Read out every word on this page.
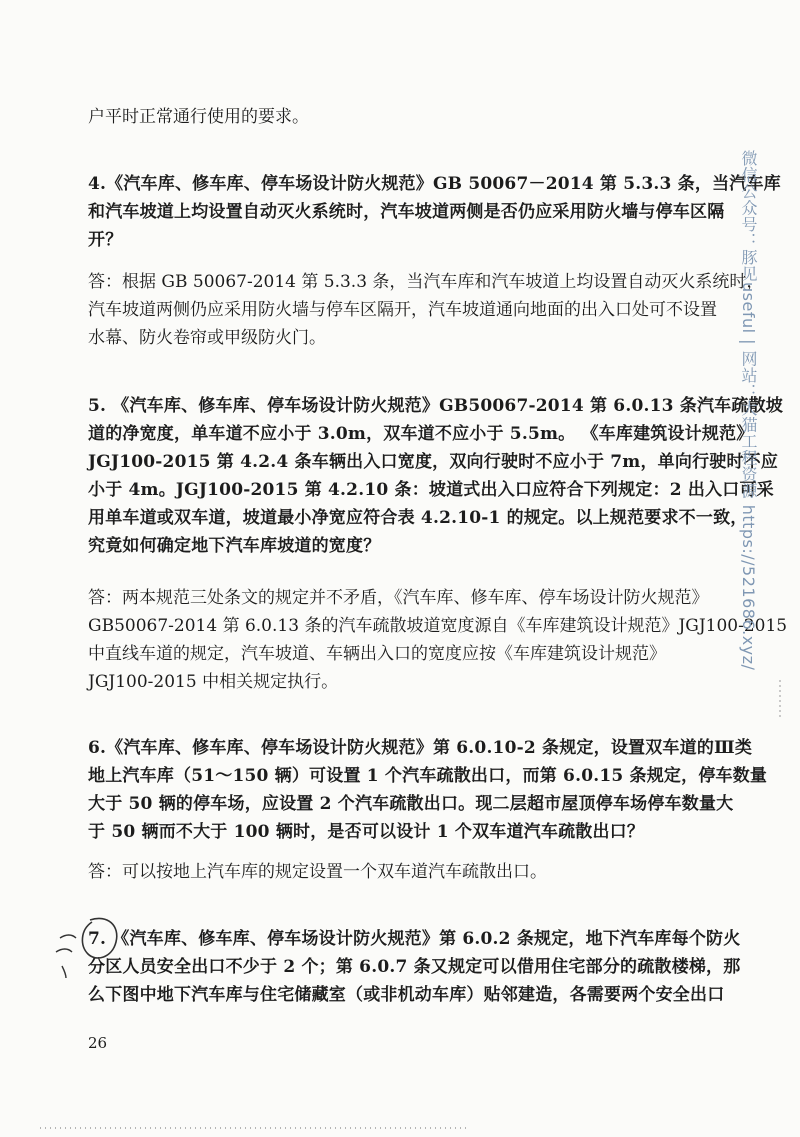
户平时正常通行使用的要求。
4.《汽车库、修车库、停车场设计防火规范》GB 50067－2014 第 5.3.3 条，当汽车库
和汽车坡道上均设置自动灭火系统时，汽车坡道两侧是否仍应采用防火墙与停车区隔
开？
答：根据 GB 50067-2014 第 5.3.3 条，当汽车库和汽车坡道上均设置自动灭火系统时，
汽车坡道两侧仍应采用防火墙与停车区隔开，汽车坡道通向地面的出入口处可不设置
水幕、防火卷帘或甲级防火门。
5. 《汽车库、修车库、停车场设计防火规范》GB50067-2014 第 6.0.13 条汽车疏散坡
道的净宽度，单车道不应小于 3.0m，双车道不应小于 5.5m。 《车库建筑设计规范》
JGJ100-2015 第 4.2.4 条车辆出入口宽度，双向行驶时不应小于 7m，单向行驶时不应
小于 4m。JGJ100-2015 第 4.2.10 条：坡道式出入口应符合下列规定：2 出入口可采
用单车道或双车道，坡道最小净宽应符合表 4.2.10-1 的规定。以上规范要求不一致，
究竟如何确定地下汽车库坡道的宽度？
答：两本规范三处条文的规定并不矛盾，《汽车库、修车库、停车场设计防火规范》
GB50067-2014 第 6.0.13 条的汽车疏散坡道宽度源自《车库建筑设计规范》JGJ100-2015
中直线车道的规定，汽车坡道、车辆出入口的宽度应按《车库建筑设计规范》
JGJ100-2015 中相关规定执行。
6.《汽车库、修车库、停车场设计防火规范》第 6.0.10-2 条规定，设置双车道的Ⅲ类
地上汽车库（51～150 辆）可设置 1 个汽车疏散出口，而第 6.0.15 条规定，停车数量
大于 50 辆的停车场，应设置 2 个汽车疏散出口。现二层超市屋顶停车场停车数量大
于 50 辆而不大于 100 辆时，是否可以设计 1 个双车道汽车疏散出口？
答：可以按地上汽车库的规定设置一个双车道汽车疏散出口。
7. 《汽车库、修车库、停车场设计防火规范》第 6.0.2 条规定，地下汽车库每个防火
分区人员安全出口不少于 2 个；第 6.0.7 条又规定可以借用住宅部分的疏散楼梯，那
么下图中地下汽车库与住宅储藏室（或非机动车库）贴邻建造，各需要两个安全出口
26
微信公众号：豚见useful | 网站：大猫工程资源 https://521686.xyz/
